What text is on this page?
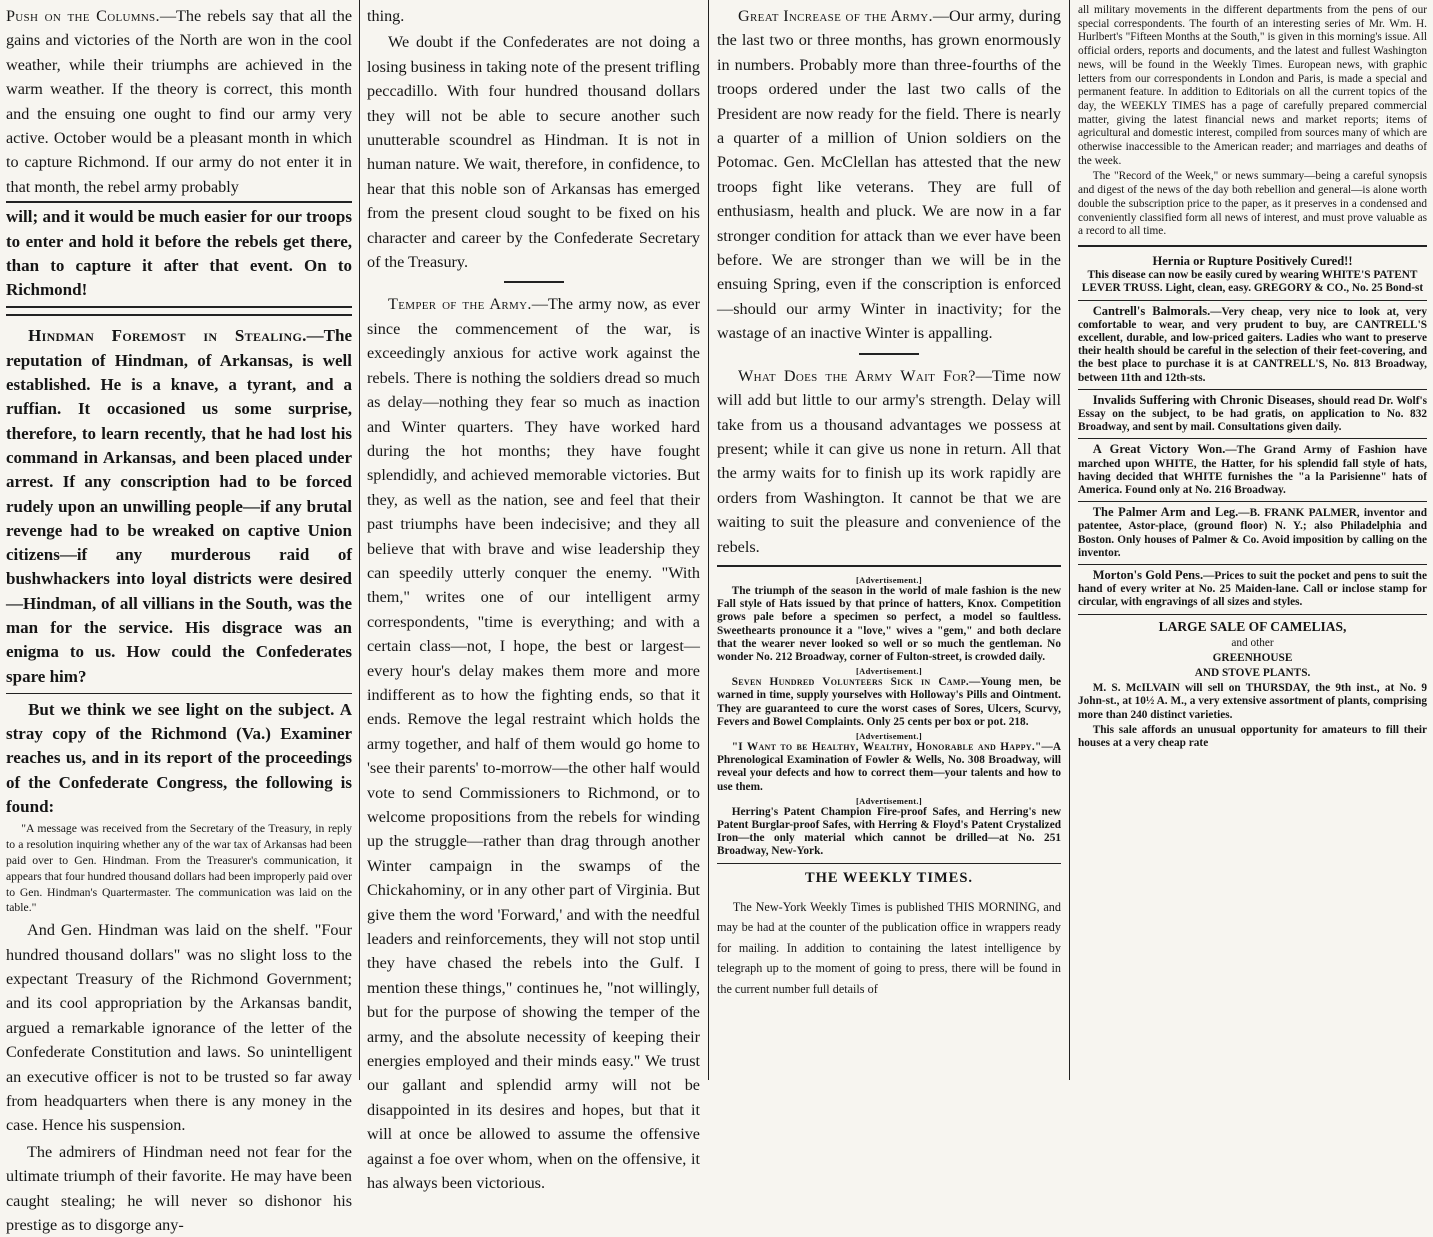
Push on the Columns.—The rebels say that all the gains and victories of the North are won in the cool weather, while their triumphs are achieved in the warm weather. If the theory is correct, this month and the ensuing one ought to find our army very active. October would be a pleasant month in which to capture Richmond. If our army do not enter it in that month, the rebel army probably

will; and it would be much easier for our troops to enter and hold it before the rebels get there, than to capture it after that event. On to Richmond!

Hindman Foremost in Stealing.—The reputation of Hindman, of Arkansas, is well established. He is a knave, a tyrant, and a ruffian. It occasioned us some surprise, therefore, to learn recently, that he had lost his command in Arkansas, and been placed under arrest. If any conscription had to be forced rudely upon an unwilling people—if any brutal revenge had to be wreaked on captive Union citizens—if any murderous raid of bushwhackers into loyal districts were desired—Hindman, of all villians in the South, was the man for the service. His disgrace was an enigma to us. How could the Confederates spare him?

But we think we see light on the subject. A stray copy of the Richmond (Va.) Examiner reaches us, and in its report of the proceedings of the Confederate Congress, the following is found:

"A message was received from the Secretary of the Treasury, in reply to a resolution inquiring whether any of the war tax of Arkansas had been paid over to Gen. Hindman. From the Treasurer's communication, it appears that four hundred thousand dollars had been improperly paid over to Gen. Hindman's Quartermaster. The communication was laid on the table."

And Gen. Hindman was laid on the shelf. "Four hundred thousand dollars" was no slight loss to the expectant Treasury of the Richmond Government; and its cool appropriation by the Arkansas bandit, argued a remarkable ignorance of the letter of the Confederate Constitution and laws. So unintelligent an executive officer is not to be trusted so far away from headquarters when there is any money in the case. Hence his suspension.

The admirers of Hindman need not fear for the ultimate triumph of their favorite. He may have been caught stealing; he will never so dishonor his prestige as to disgorge any-

thing.

We doubt if the Confederates are not doing a losing business in taking note of the present trifling peccadillo. With four hundred thousand dollars they will not be able to secure another such unutterable scoundrel as Hindman. It is not in human nature. We wait, therefore, in confidence, to hear that this noble son of Arkansas has emerged from the present cloud sought to be fixed on his character and career by the Confederate Secretary of the Treasury.

Temper of the Army.—The army now, as ever since the commencement of the war, is exceedingly anxious for active work against the rebels. There is nothing the soldiers dread so much as delay—nothing they fear so much as inaction and Winter quarters. They have worked hard during the hot months; they have fought splendidly, and achieved memorable victories. But they, as well as the nation, see and feel that their past triumphs have been indecisive; and they all believe that with brave and wise leadership they can speedily utterly conquer the enemy. "With them," writes one of our intelligent army correspondents, "time is everything; and with a certain class—not, I hope, the best or largest—every hour's delay makes them more and more indifferent as to how the fighting ends, so that it ends. Remove the legal restraint which holds the army together, and half of them would go home to 'see their parents' to-morrow—the other half would vote to send Commissioners to Richmond, or to welcome propositions from the rebels for winding up the struggle—rather than drag through another Winter campaign in the swamps of the Chickahominy, or in any other part of Virginia. But give them the word 'Forward,' and with the needful leaders and reinforcements, they will not stop until they have chased the rebels into the Gulf. I mention these things," continues he, "not willingly, but for the purpose of showing the temper of the army, and the absolute necessity of keeping their energies employed and their minds easy." We trust our gallant and splendid army will not be disappointed in its desires and hopes, but that it will at once be allowed to assume the offensive against a foe over whom, when on the offensive, it has always been victorious.

Great Increase of the Army.—Our army, during the last two or three months, has grown enormously in numbers. Probably more than three-fourths of the troops ordered under the last two calls of the President are now ready for the field. There is nearly a quarter of a million of Union soldiers on the Potomac. Gen. McClellan has attested that the new troops fight like veterans. They are full of enthusiasm, health and pluck. We are now in a far stronger condition for attack than we ever have been before. We are stronger than we will be in the ensuing Spring, even if the conscription is enforced—should our army Winter in inactivity; for the wastage of an inactive Winter is appalling.

What Does the Army Wait For?—Time now will add but little to our army's strength. Delay will take from us a thousand advantages we possess at present; while it can give us none in return. All that the army waits for to finish up its work rapidly are orders from Washington. It cannot be that we are waiting to suit the pleasure and convenience of the rebels.

[Advertisement.]

The triumph of the season in the world of male fashion is the new Fall style of Hats issued by that prince of hatters, Knox. Competition grows pale before a specimen so perfect, a model so faultless. Sweethearts pronounce it a "love," wives a "gem," and both declare that the wearer never looked so well or so much the gentleman. No wonder No. 212 Broadway, corner of Fulton-street, is crowded daily.

[Advertisement.]

Seven Hundred Volunteers Sick in Camp.—Young men, be warned in time, supply yourselves with Holloway's Pills and Ointment. They are guaranteed to cure the worst cases of Sores, Ulcers, Scurvy, Fevers and Bowel Complaints. Only 25 cents per box or pot. 218.

[Advertisement.]

"I Want to be Healthy, Wealthy, Honorable and Happy."—A Phrenological Examination of Fowler & Wells, No. 308 Broadway, will reveal your defects and how to correct them—your talents and how to use them.

[Advertisement.]

Herring's Patent Champion Fire-proof Safes, and Herring's new Patent Burglar-proof Safes, with Herring & Floyd's Patent Crystalized Iron—the only material which cannot be drilled—at No. 251 Broadway, New-York.

THE WEEKLY TIMES.

The New-York Weekly Times is published THIS MORNING, and may be had at the counter of the publication office in wrappers ready for mailing. In addition to containing the latest intelligence by telegraph up to the moment of going to press, there will be found in the current number full details of

all military movements in the different departments from the pens of our special correspondents. The fourth of an interesting series of Mr. Wm. H. Hurlbert's "Fifteen Months at the South," is given in this morning's issue. All official orders, reports and documents, and the latest and fullest Washington news, will be found in the Weekly Times. European news, with graphic letters from our correspondents in London and Paris, is made a special and permanent feature. In addition to Editorials on all the current topics of the day, the WEEKLY TIMES has a page of carefully prepared commercial matter, giving the latest financial news and market reports; items of agricultural and domestic interest, compiled from sources many of which are otherwise inaccessible to the American reader; and marriages and deaths of the week.

The "Record of the Week," or news summary—being a careful synopsis and digest of the news of the day both rebellion and general—is alone worth double the subscription price to the paper, as it preserves in a condensed and conveniently classified form all news of interest, and must prove valuable as a record to all time.

Hernia or Rupture Positively Cured!!
This disease can now be easily cured by wearing WHITE'S PATENT LEVER TRUSS. Light, clean, easy. GREGORY & CO., No. 25 Bond-st

Cantrell's Balmorals.—Very cheap, very nice to look at, very comfortable to wear, and very prudent to buy, are CANTRELL'S excellent, durable, and low-priced gaiters. Ladies who want to preserve their health should be careful in the selection of their feet-covering, and the best place to purchase it is at CANTRELL'S, No. 813 Broadway, between 11th and 12th-sts.

Invalids Suffering with Chronic Diseases, should read Dr. Wolf's Essay on the subject, to be had gratis, on application to No. 832 Broadway, and sent by mail. Consultations given daily.

A Great Victory Won.—The Grand Army of Fashion have marched upon WHITE, the Hatter, for his splendid fall style of hats, having decided that WHITE furnishes the "a la Parisienne" hats of America. Found only at No. 216 Broadway.

The Palmer Arm and Leg.—B. FRANK PALMER, inventor and patentee, Astor-place, (ground floor) N. Y.; also Philadelphia and Boston. Only houses of Palmer & Co. Avoid imposition by calling on the inventor.

Morton's Gold Pens.—Prices to suit the pocket and pens to suit the hand of every writer at No. 25 Maiden-lane. Call or inclose stamp for circular, with engravings of all sizes and styles.

LARGE SALE OF CAMELIAS,

and other

GREENHOUSE

AND STOVE PLANTS.

M. S. McILVAIN will sell on THURSDAY, the 9th inst., at No. 9 John-st., at 10½ A. M., a very extensive assortment of plants, comprising more than 240 distinct varieties.

This sale affords an unusual opportunity for amateurs to fill their houses at a very cheap rate
